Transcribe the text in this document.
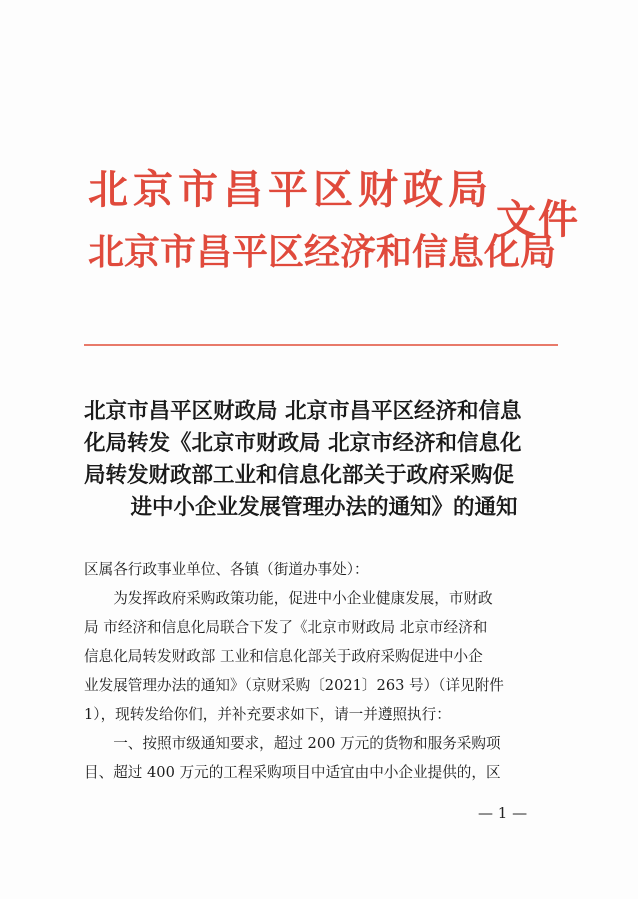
北京市昌平区财政局
北京市昌平区经济和信息化局
文件
北京市昌平区财政局 北京市昌平区经济和信息
化局转发《北京市财政局 北京市经济和信息化
局转发财政部工业和信息化部关于政府采购促
进中小企业发展管理办法的通知》的通知
区属各行政事业单位、各镇（街道办事处）：
　　为发挥政府采购政策功能，促进中小企业健康发展，市财政
局 市经济和信息化局联合下发了《北京市财政局 北京市经济和
信息化局转发财政部 工业和信息化部关于政府采购促进中小企
业发展管理办法的通知》（京财采购〔2021〕263 号）（详见附件
1），现转发给你们，并补充要求如下，请一并遵照执行：
　　一、按照市级通知要求，超过 200 万元的货物和服务采购项
目、超过 400 万元的工程采购项目中适宜由中小企业提供的，区
— 1 —
